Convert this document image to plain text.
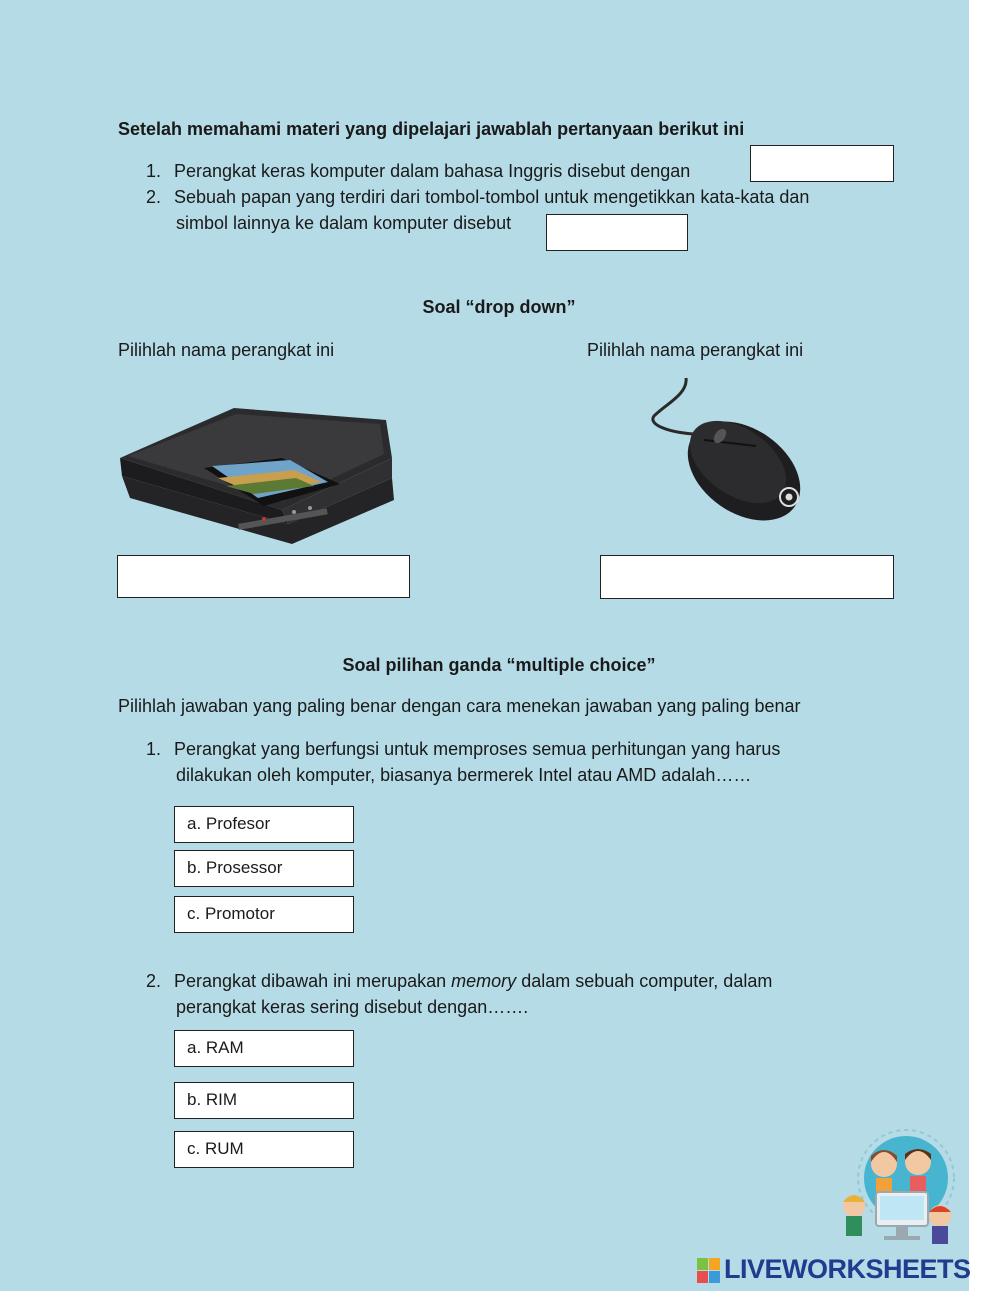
Setelah memahami materi yang dipelajari jawablah pertanyaan berikut ini
1. Perangkat keras komputer dalam bahasa Inggris disebut dengan
2. Sebuah papan yang terdiri dari tombol-tombol untuk mengetikkan kata-kata dan
simbol lainnya ke dalam komputer disebut
Soal “drop down”
Pilihlah nama perangkat ini	Pilihlah nama perangkat ini
Soal pilihan ganda “multiple choice”
Pilihlah jawaban yang paling benar dengan cara menekan jawaban yang paling benar
1. Perangkat yang berfungsi untuk memproses semua perhitungan yang harus
dilakukan oleh komputer, biasanya bermerek Intel atau AMD adalah……
a. Profesor
b. Prosessor
c. Promotor
2. Perangkat dibawah ini merupakan memory dalam sebuah computer, dalam
perangkat keras sering disebut dengan…….
a. RAM
b. RIM
c. RUM
LIVEWORKSHEETS
